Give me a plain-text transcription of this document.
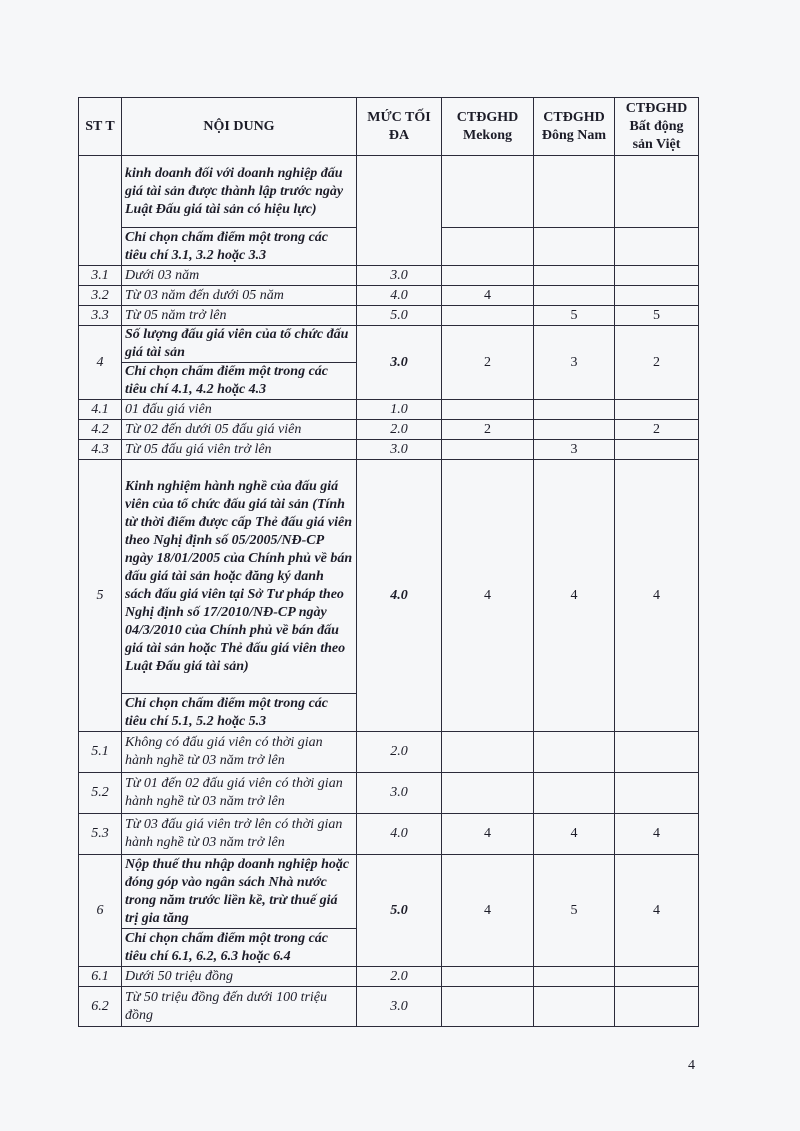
ST T	NỘI DUNG	MỨC TỐI ĐA	CTĐGHD Mekong	CTĐGHD Đông Nam	CTĐGHD Bất động sản Việt
	kinh doanh đối với doanh nghiệp đấu giá tài sản được thành lập trước ngày Luật Đấu giá tài sản có hiệu lực)				
	Chỉ chọn chấm điểm một trong các tiêu chí 3.1, 3.2 hoặc 3.3				
3.1	Dưới 03 năm	3.0			
3.2	Từ 03 năm đến dưới 05 năm	4.0	4		
3.3	Từ 05 năm trở lên	5.0		5	5
4	Số lượng đấu giá viên của tổ chức đấu giá tài sản	3.0	2	3	2
	Chỉ chọn chấm điểm một trong các tiêu chí 4.1, 4.2 hoặc 4.3				
4.1	01 đấu giá viên	1.0			
4.2	Từ 02 đến dưới 05 đấu giá viên	2.0	2		2
4.3	Từ 05 đấu giá viên trở lên	3.0		3	
5	Kinh nghiệm hành nghề của đấu giá viên của tổ chức đấu giá tài sản (Tính từ thời điểm được cấp Thẻ đấu giá viên theo Nghị định số 05/2005/NĐ-CP ngày 18/01/2005 của Chính phủ về bán đấu giá tài sản hoặc đăng ký danh sách đấu giá viên tại Sở Tư pháp theo Nghị định số 17/2010/NĐ-CP ngày 04/3/2010 của Chính phủ về bán đấu giá tài sản hoặc Thẻ đấu giá viên theo Luật Đấu giá tài sản)	4.0	4	4	4
	Chỉ chọn chấm điểm một trong các tiêu chí 5.1, 5.2 hoặc 5.3				
5.1	Không có đấu giá viên có thời gian hành nghề từ 03 năm trở lên	2.0			
5.2	Từ 01 đến 02 đấu giá viên có thời gian hành nghề từ 03 năm trở lên	3.0			
5.3	Từ 03 đấu giá viên trở lên có thời gian hành nghề từ 03 năm trở lên	4.0	4	4	4
6	Nộp thuế thu nhập doanh nghiệp hoặc đóng góp vào ngân sách Nhà nước trong năm trước liền kề, trừ thuế giá trị gia tăng	5.0	4	5	4
	Chỉ chọn chấm điểm một trong các tiêu chí 6.1, 6.2, 6.3 hoặc 6.4				
6.1	Dưới 50 triệu đồng	2.0			
6.2	Từ 50 triệu đồng đến dưới 100 triệu đồng	3.0			
4
